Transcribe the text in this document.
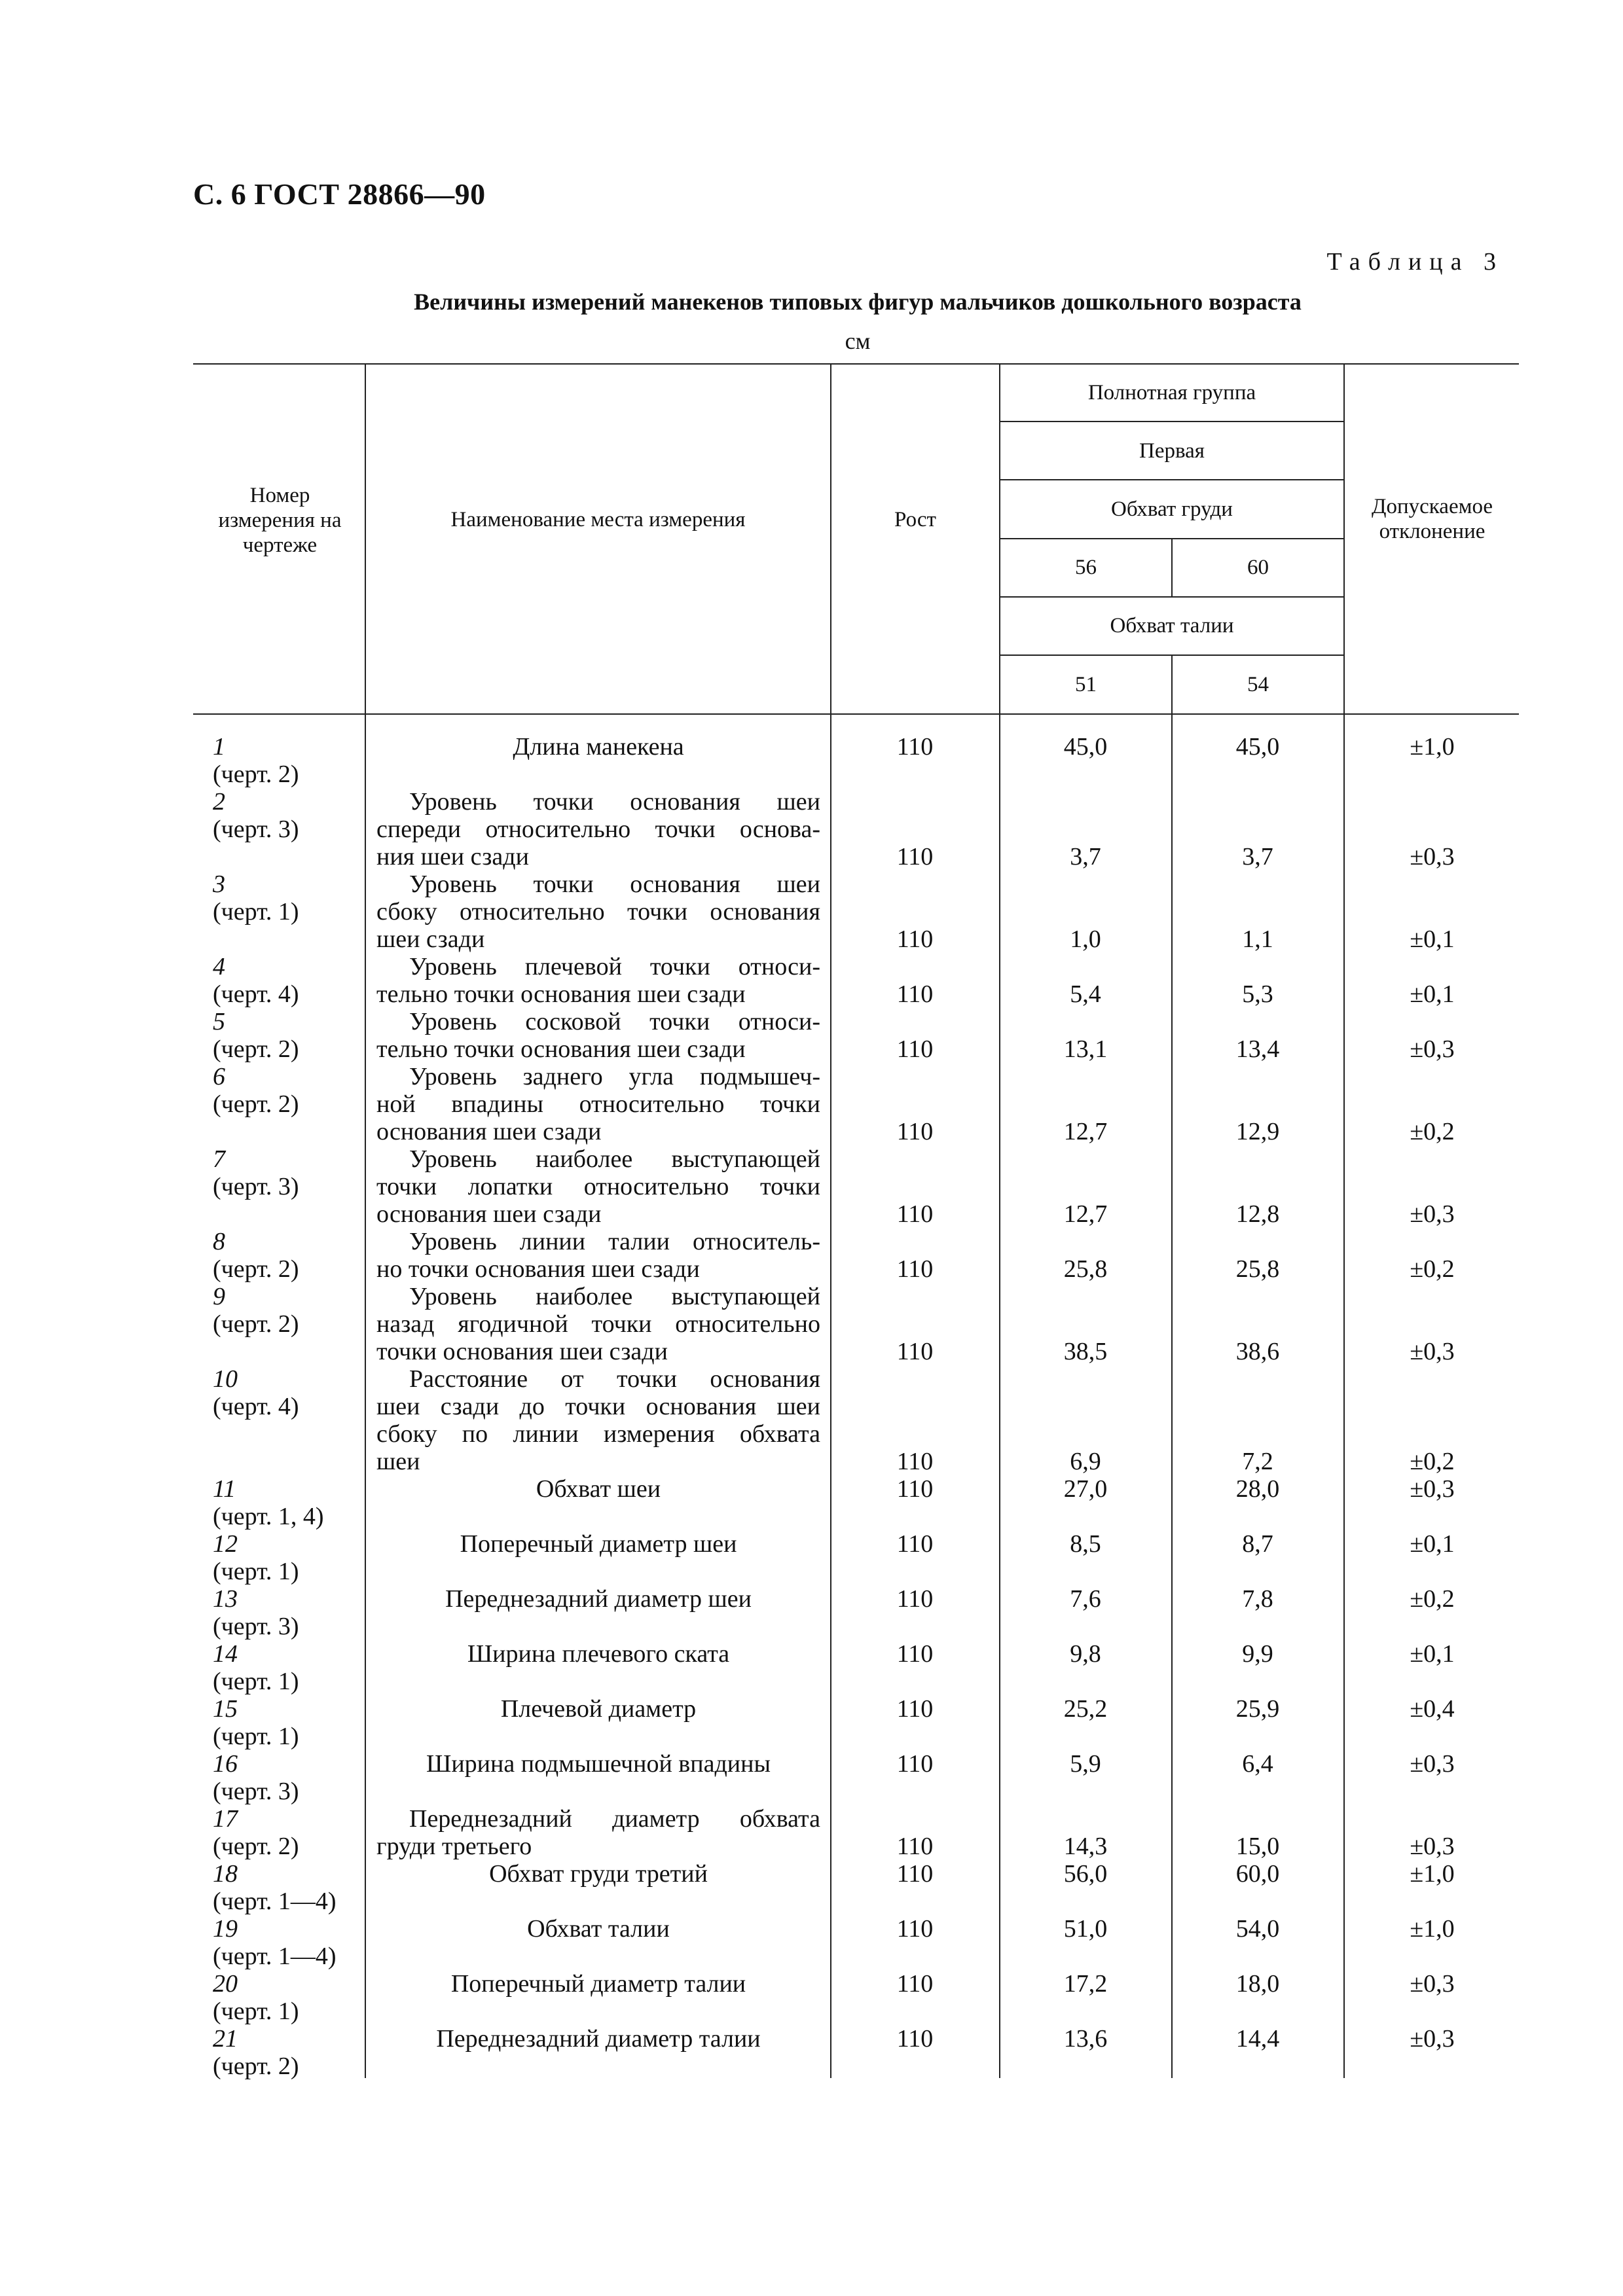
С. 6 ГОСТ 28866—90
Таблица 3
Величины измерений манекенов типовых фигур мальчиков дошкольного возраста
см
Номер измерения на чертеже
Наименование места измерения	Рост
Полнотная группа
Первая
Обхват груди
56	60
Обхват талии
51	54
Допускаемое отклонение
1
(черт. 2)
Длина манекена	110	45,0	45,0	±1,0
2
(черт. 3)
Уровень точки основания шеи
спереди относительно точки основа-
ния шеи сзади	110	3,7	3,7	±0,3
3
(черт. 1)
Уровень точки основания шеи
сбоку относительно точки основания
шеи сзади	110	1,0	1,1	±0,1
4
(черт. 4)
Уровень плечевой точки относи-
тельно точки основания шеи сзади	110	5,4	5,3	±0,1
5
(черт. 2)
Уровень сосковой точки относи-
тельно точки основания шеи сзади	110	13,1	13,4	±0,3
6
(черт. 2)
Уровень заднего угла подмышеч-
ной впадины относительно точки
основания шеи сзади	110	12,7	12,9	±0,2
7
(черт. 3)
Уровень наиболее выступающей
точки лопатки относительно точки
основания шеи сзади	110	12,7	12,8	±0,3
8
(черт. 2)
Уровень линии талии относитель-
но точки основания шеи сзади	110	25,8	25,8	±0,2
9
(черт. 2)
Уровень наиболее выступающей
назад ягодичной точки относительно
точки основания шеи сзади	110	38,5	38,6	±0,3
10
(черт. 4)
Расстояние от точки основания
шеи сзади до точки основания шеи
сбоку по линии измерения обхвата
шеи	110	6,9	7,2	±0,2
11
(черт. 1, 4)
Обхват шеи	110	27,0	28,0	±0,3
12
(черт. 1)
Поперечный диаметр шеи	110	8,5	8,7	±0,1
13
(черт. 3)
Переднезадний диаметр шеи	110	7,6	7,8	±0,2
14
(черт. 1)
Ширина плечевого ската	110	9,8	9,9	±0,1
15
(черт. 1)
Плечевой диаметр	110	25,2	25,9	±0,4
16
(черт. 3)
Ширина подмышечной впадины	110	5,9	6,4	±0,3
17
(черт. 2)
Переднезадний диаметр обхвата
груди третьего	110	14,3	15,0	±0,3
18
(черт. 1—4)
Обхват груди третий	110	56,0	60,0	±1,0
19
(черт. 1—4)
Обхват талии	110	51,0	54,0	±1,0
20
(черт. 1)
Поперечный диаметр талии	110	17,2	18,0	±0,3
21
(черт. 2)
Переднезадний диаметр талии	110	13,6	14,4	±0,3
